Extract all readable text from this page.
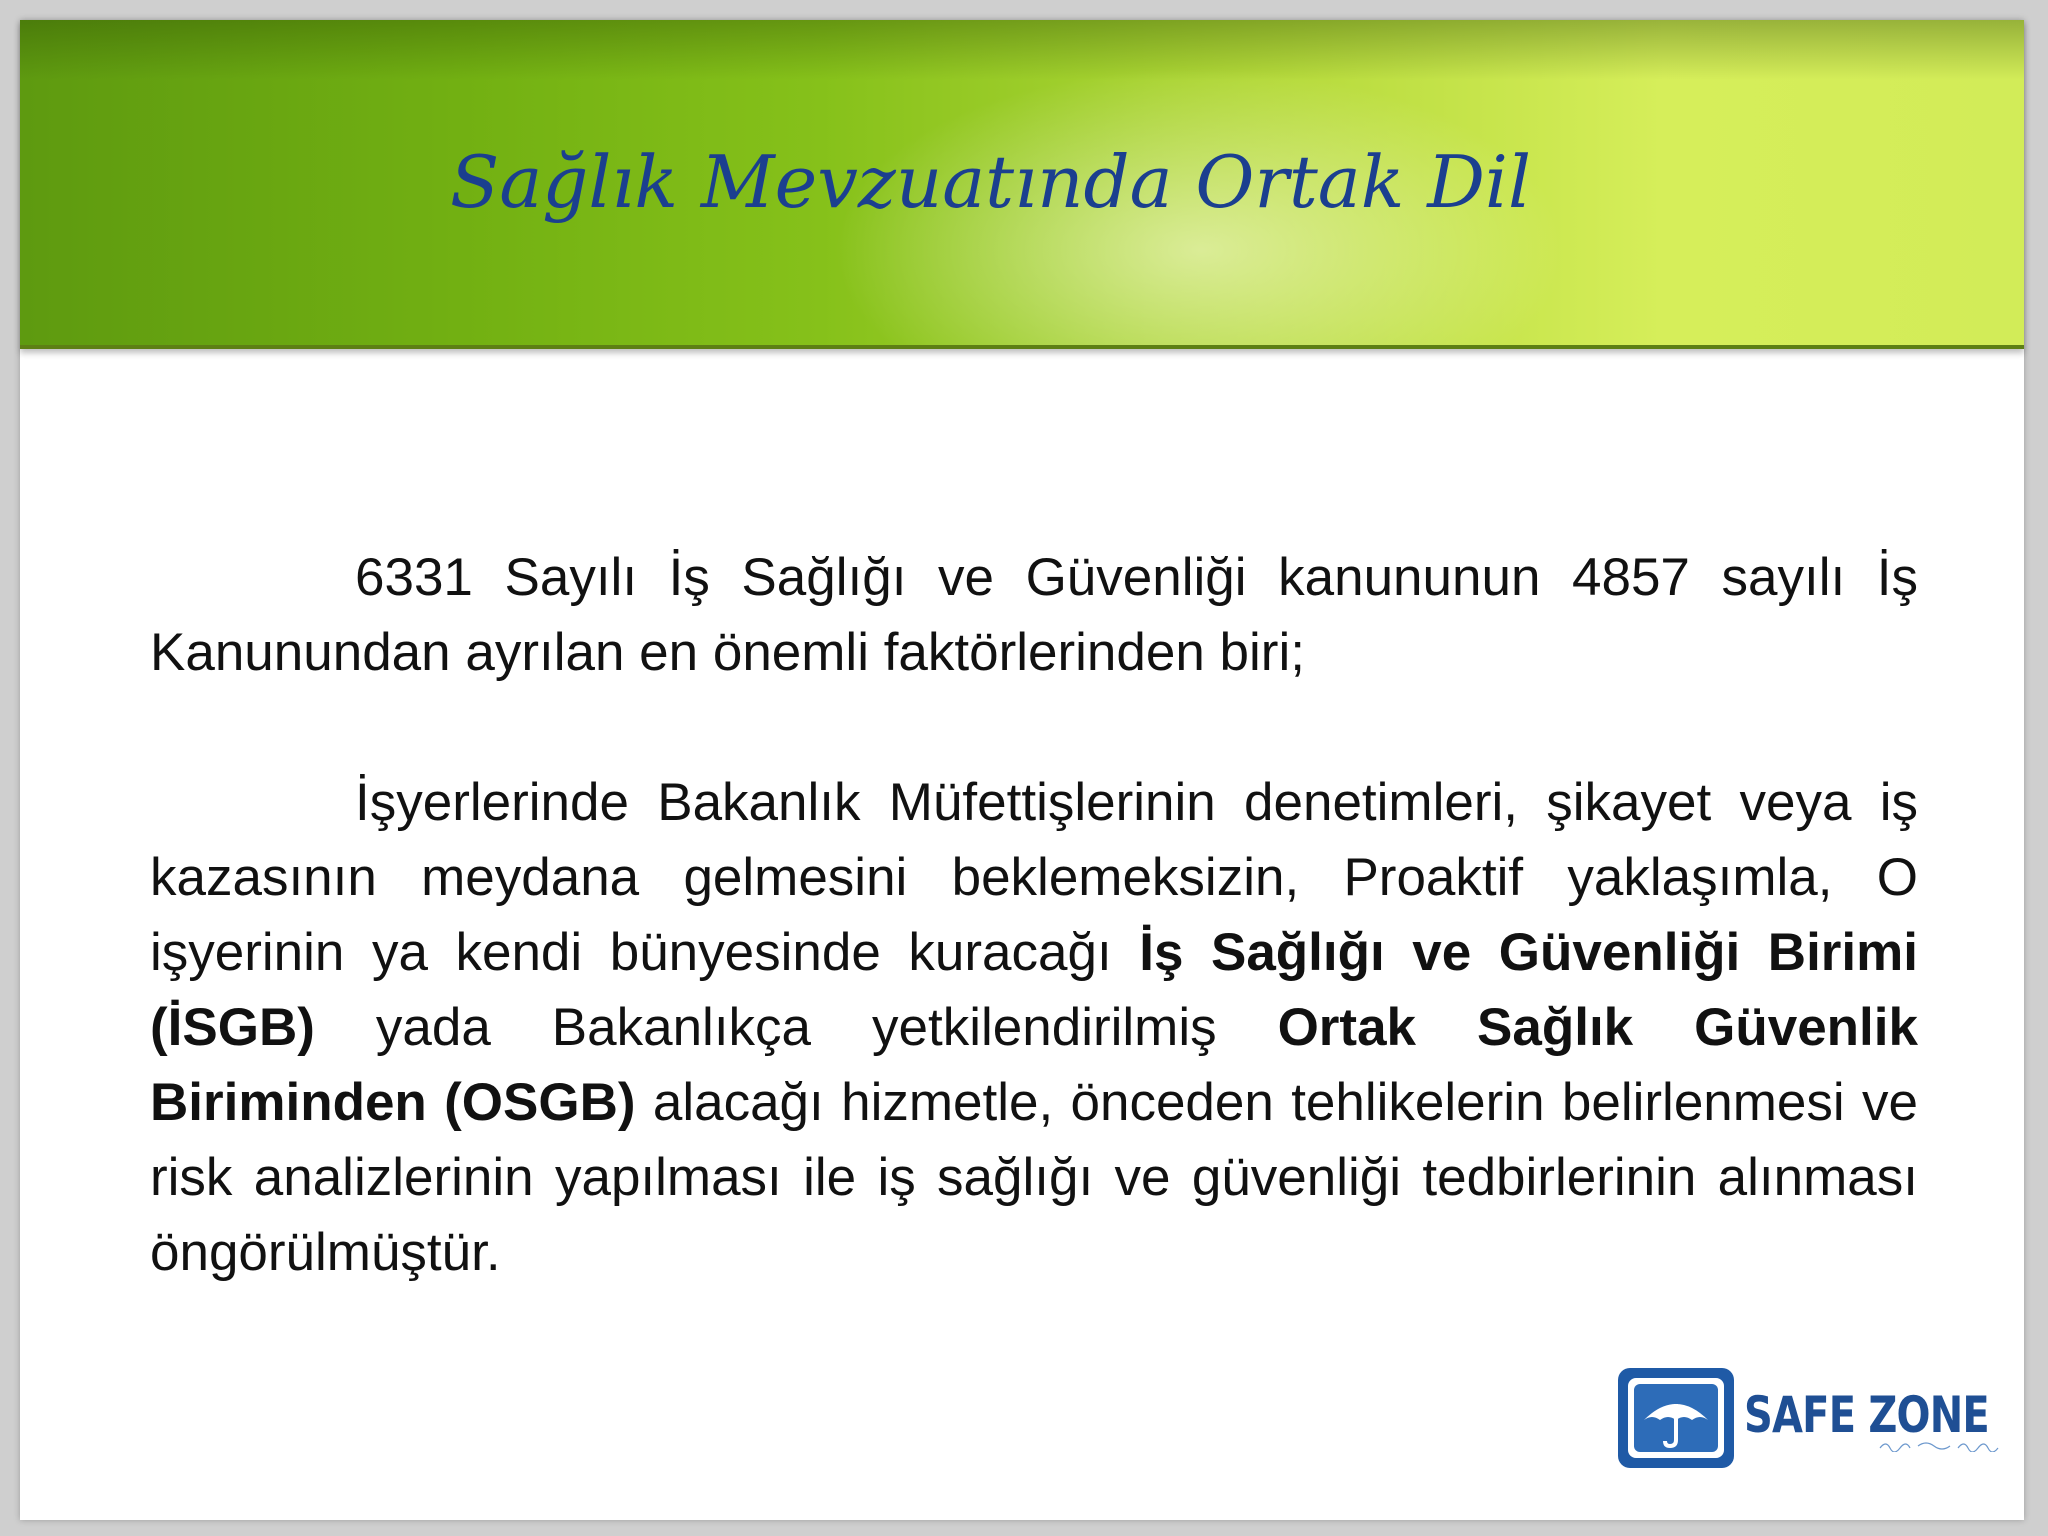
Sağlık Mevzuatında Ortak Dil

6331 Sayılı İş Sağlığı ve Güvenliği kanununun 4857 sayılı İş Kanunundan ayrılan en önemli faktörlerinden biri;

İşyerlerinde Bakanlık Müfettişlerinin denetimleri, şikayet veya iş kazasının meydana gelmesini beklemeksizin, Proaktif yaklaşımla, O işyerinin ya kendi bünyesinde kuracağı İş Sağlığı ve Güvenliği Birimi (İSGB) yada Bakanlıkça yetkilendirilmiş Ortak Sağlık Güvenlik Biriminden (OSGB) alacağı hizmetle, önceden tehlikelerin belirlenmesi ve risk analizlerinin yapılması ile iş sağlığı ve güvenliği tedbirlerinin alınması öngörülmüştür.

SAFE ZONE
